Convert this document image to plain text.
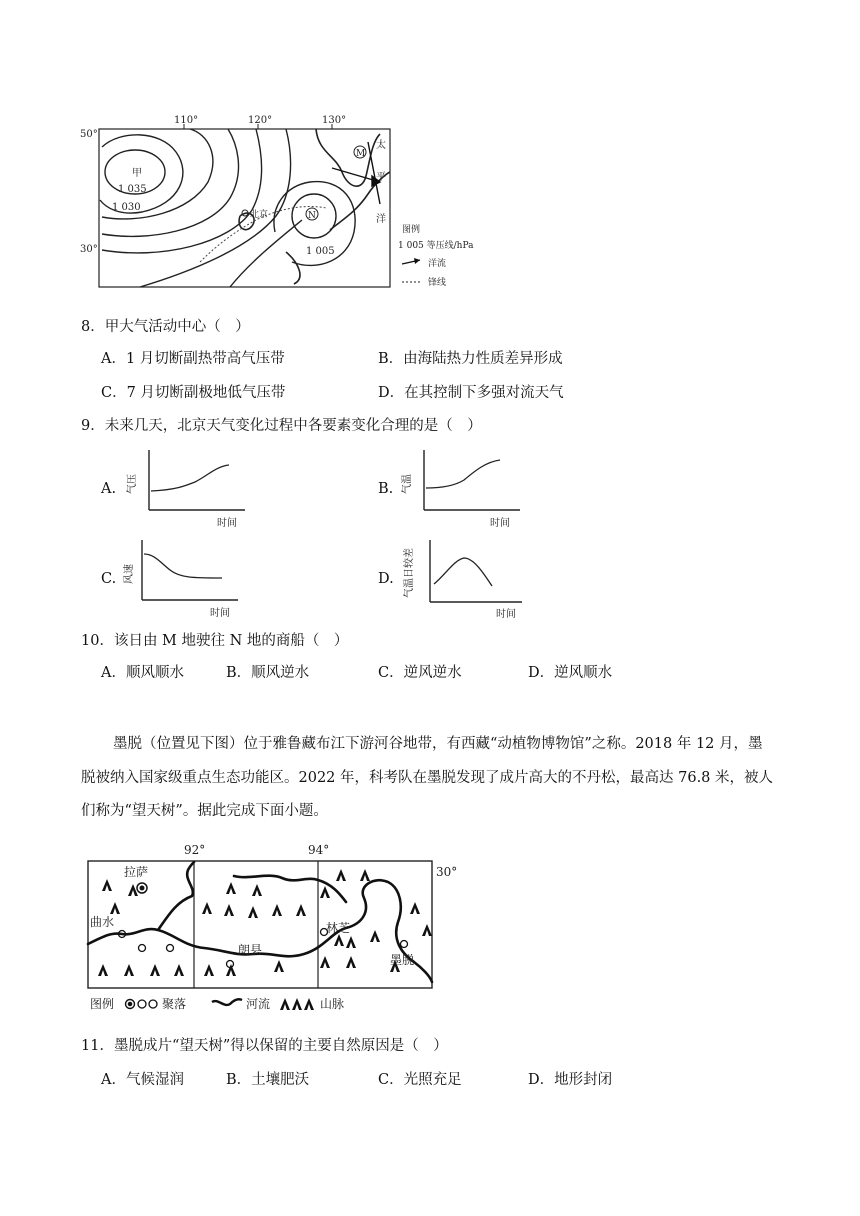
110°	120°	130°
50°
30°
M
N
北京
甲
1 035
1 030
1 005
太
平
洋
图例
1 005 等压线/hPa
洋流
锋线
8．甲大气活动中心（　）
A．1 月切断副热带高气压带	B．由海陆热力性质差异形成
C．7 月切断副极地低气压带	D．在其控制下多强对流天气
9．未来几天，北京天气变化过程中各要素变化合理的是（　）
A. 气压
时间
B. 气温
时间
C. 风速
时间
D. 气温日较差
时间
10．该日由 M 地驶往 N 地的商船（　）
A．顺风顺水	B．顺风逆水	C．逆风逆水	D．逆风顺水
墨脱（位置见下图）位于雅鲁藏布江下游河谷地带，有西藏“动植物博物馆”之称。2018 年 12 月，墨
脱被纳入国家级重点生态功能区。2022 年，科考队在墨脱发现了成片高大的不丹松，最高达 76.8 米，被人
们称为“望天树”。据此完成下面小题。
92°	94°
30°
拉萨
曲水	林芝
朗县
墨脱
图例	聚落	河流	山脉
11．墨脱成片“望天树”得以保留的主要自然原因是（　）
A．气候湿润	B．土壤肥沃	C．光照充足	D．地形封闭
